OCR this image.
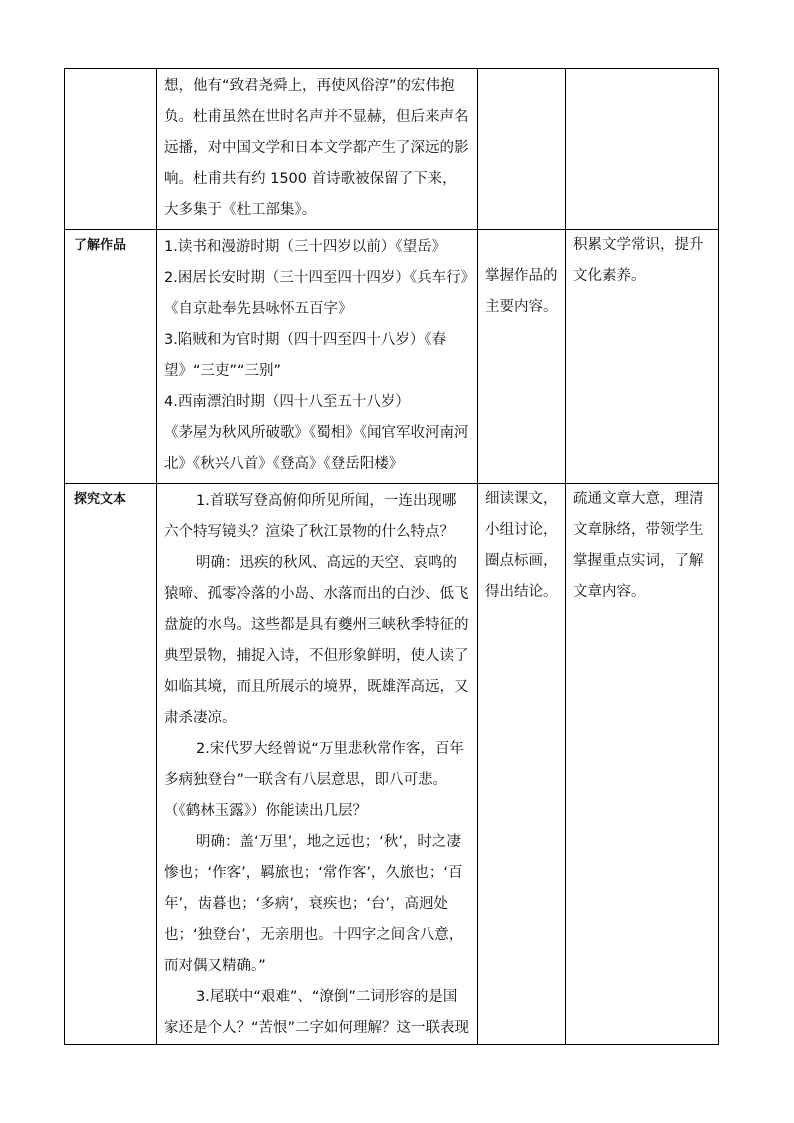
	想，他有“致君尧舜上，再使风俗淳”的宏伟抱负。杜甫虽然在世时名声并不显赫，但后来声名远播，对中国文学和日本文学都产生了深远的影响。杜甫共有约 1500 首诗歌被保留了下来，大多集于《杜工部集》。		

了解作品	1.读书和漫游时期（三十四岁以前）《望岳》

2.困居长安时期（三十四至四十四岁）《兵车行》《自京赴奉先县咏怀五百字》

3.陷贼和为官时期（四十四至四十八岁）《春望》“三吏”“三别”

4.西南漂泊时期（四十八至五十八岁）

《茅屋为秋风所破歌》《蜀相》《闻官军收河南河北》《秋兴八首》《登高》《登岳阳楼》	掌握作品的主要内容。	积累文学常识，提升文化素养。

探究文本	1.首联写登高俯仰所见所闻，一连出现哪六个特写镜头？渲染了秋江景物的什么特点？

明确：迅疾的秋风、高远的天空、哀鸣的猿啼、孤零冷落的小岛、水落而出的白沙、低飞盘旋的水鸟。这些都是具有夔州三峡秋季特征的典型景物，捕捉入诗，不但形象鲜明，使人读了如临其境，而且所展示的境界，既雄浑高远，又肃杀凄凉。

2.宋代罗大经曾说“万里悲秋常作客，百年多病独登台”一联含有八层意思，即八可悲。（《鹤林玉露》）你能读出几层？

明确：盖‘万里’，地之远也；‘秋’，时之凄惨也；‘作客’，羁旅也；‘常作客’，久旅也；‘百年’，齿暮也；‘多病’，衰疾也；‘台’，高迥处也；‘独登台’，无亲朋也。十四字之间含八意，而对偶又精确。”

3.尾联中“艰难”、“潦倒”二词形容的是国家还是个人？“苦恨”二字如何理解？这一联表现	细读课文，小组讨论，圈点标画，得出结论。	疏通文章大意，理清文章脉络，带领学生掌握重点实词，了解文章内容。
